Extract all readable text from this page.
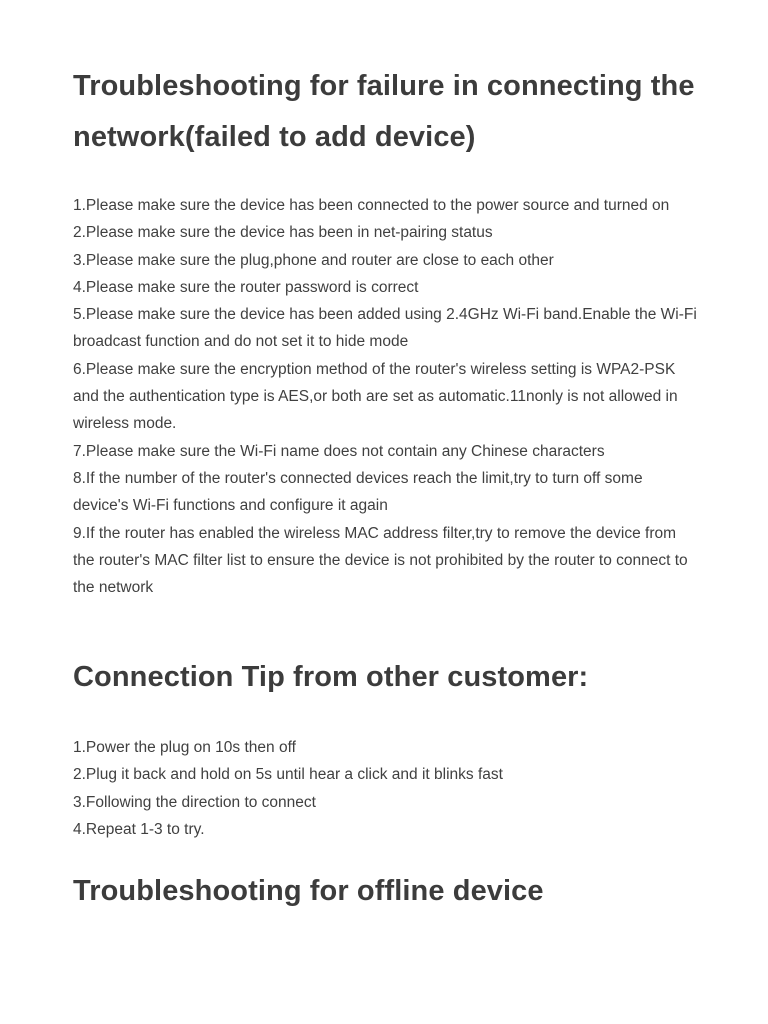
Troubleshooting for failure in connecting the network(failed to add device)

1.Please make sure the device has been connected to the power source and turned on

2.Please make sure the device has been in net-pairing status

3.Please make sure the plug,phone and router are close to each other

4.Please make sure the router password is correct

5.Please make sure the device has been added using 2.4GHz Wi-Fi band.Enable the Wi-Fi broadcast function and do not set it to hide mode

6.Please make sure the encryption method of the router's wireless setting is WPA2-PSK and the authentication type is AES,or both are set as automatic.11nonly is not allowed in wireless mode.

7.Please make sure the Wi-Fi name does not contain any Chinese characters

8.If the number of the router's connected devices reach the limit,try to turn off some device's Wi-Fi functions and configure it again

9.If the router has enabled the wireless MAC address filter,try to remove the device from the router's MAC filter list to ensure the device is not prohibited by the router to connect to the network

Connection Tip from other customer:

1.Power the plug on 10s then off

2.Plug it back and hold on 5s until hear a click and it blinks fast

3.Following the direction to connect

4.Repeat 1-3 to try.

Troubleshooting for offline device
